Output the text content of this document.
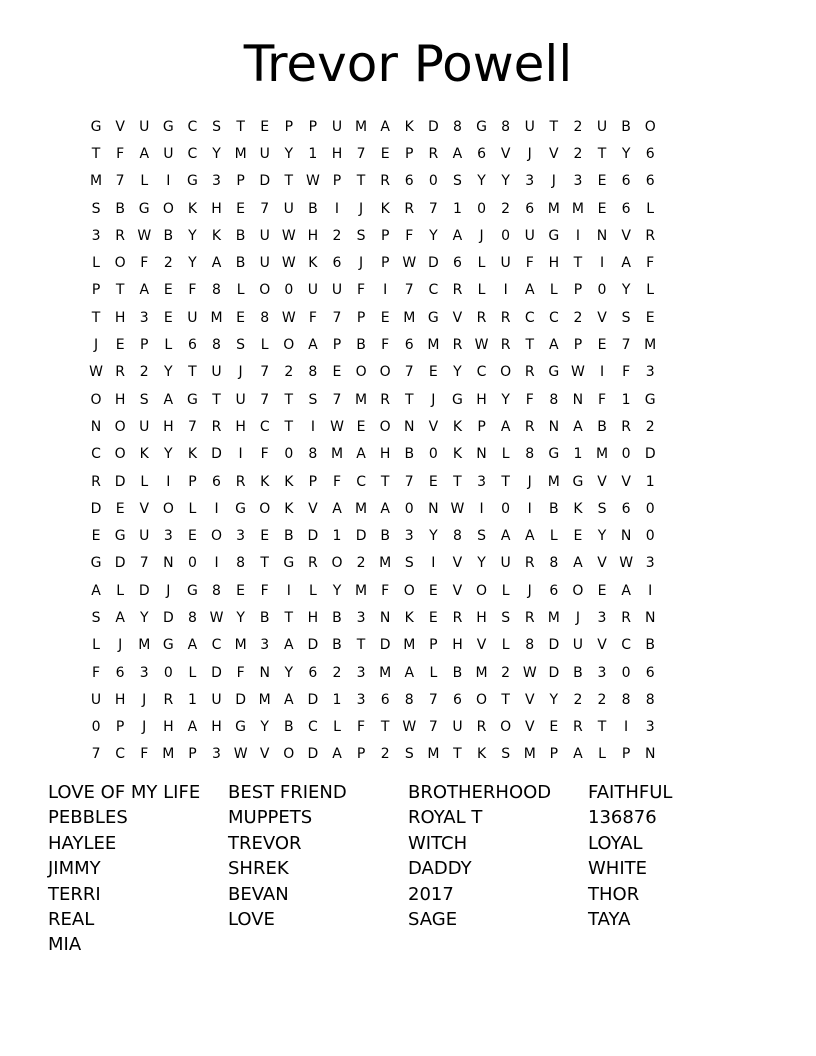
Trevor Powell
G V	U G C	S	T	E	P	P	U M A	K	D	8	G	8	U	T	2	U	B O
T	F	A	U	C	Y M U	Y	1	H	7	E	P	R	A	6	V	J	V	2	T	Y	6
M 7	L	I	G	3	P	D	T W P	T	R	6	0	S	Y	Y	3	J	3	E	6	6
S	B G O K	H	E	7	U	B	I	J	K	R	7	1	0	2	6 M M E	6	L
3	R W B	Y	K	B	U W H	2	S	P	F	Y	A	J	0	U G	I	N	V	R
L	O	F	2	Y	A	B	U W K	6	J	P W D	6	L	U	F	H	T	I	A	F
P	T	A	E	F	8	L	O	0	U U	F	I	7	C	R	L	I	A	L	P	0	Y	L
T	H	3	E	U M E	8 W F	7	P	E M G V	R	R	C	C	2	V	S	E
J	E	P	L	6	8	S	L	O A	P	B	F	6 M R W R	T	A	P	E	7 M
W R	2	Y	T	U	J	7	2	8	E	O O	7	E	Y	C O R G W	I	F	3
O H	S	A G	T	U	7	T	S	7 M R	T	J	G H	Y	F	8	N	F	1	G
N O U H	7	R H C	T	I	W E	O N	V	K	P	A	R N	A	B	R	2
C O K	Y	K	D	I	F	0	8 M A	H	B	0	K	N	L	8	G	1 M 0	D
R D	L	I	P	6	R	K	K	P	F	C	T	7	E	T	3	T	J	M G V	V	1
D	E	V O	L	I	G O K	V	A M A	0	N W	I	0	I	B	K	S	6	0
E	G U	3	E	O	3	E	B D	1	D B	3	Y	8	S	A	A	L	E	Y	N	0
G D	7	N	0	I	8	T	G R O	2 M S	I	V	Y	U	R	8	A	V W 3
A	L	D	J	G	8	E	F	I	L	Y M	F	O	E	V O	L	J	6	O	E	A	I
S	A	Y	D	8 W Y	B	T	H	B	3	N	K	E	R H	S	R M	J	3	R N
L	J	M G A	C M 3	A D B	T	D M P	H	V	L	8	D U	V	C	B
F	6	3	0	L	D	F	N	Y	6	2	3 M A	L	B M 2 W D B	3	0	6
U H	J	R	1	U D M A D	1	3	6	8	7	6	O	T	V	Y	2	2	8	8
0	P	J	H	A	H G	Y	B	C	L	F	T W 7	U	R O V	E	R	T	I	3
7	C	F	M P	3 W V O D A	P	2	S M T	K	S M P	A	L	P	N
LOVE OF MY LIFE	BEST FRIEND	BROTHERHOOD	FAITHFUL
PEBBLES	MUPPETS	ROYAL T	136876
HAYLEE	TREVOR	WITCH	LOYAL
JIMMY	SHREK	DADDY	WHITE
TERRI	BEVAN	2017	THOR
REAL	LOVE	SAGE	TAYA
MIA
